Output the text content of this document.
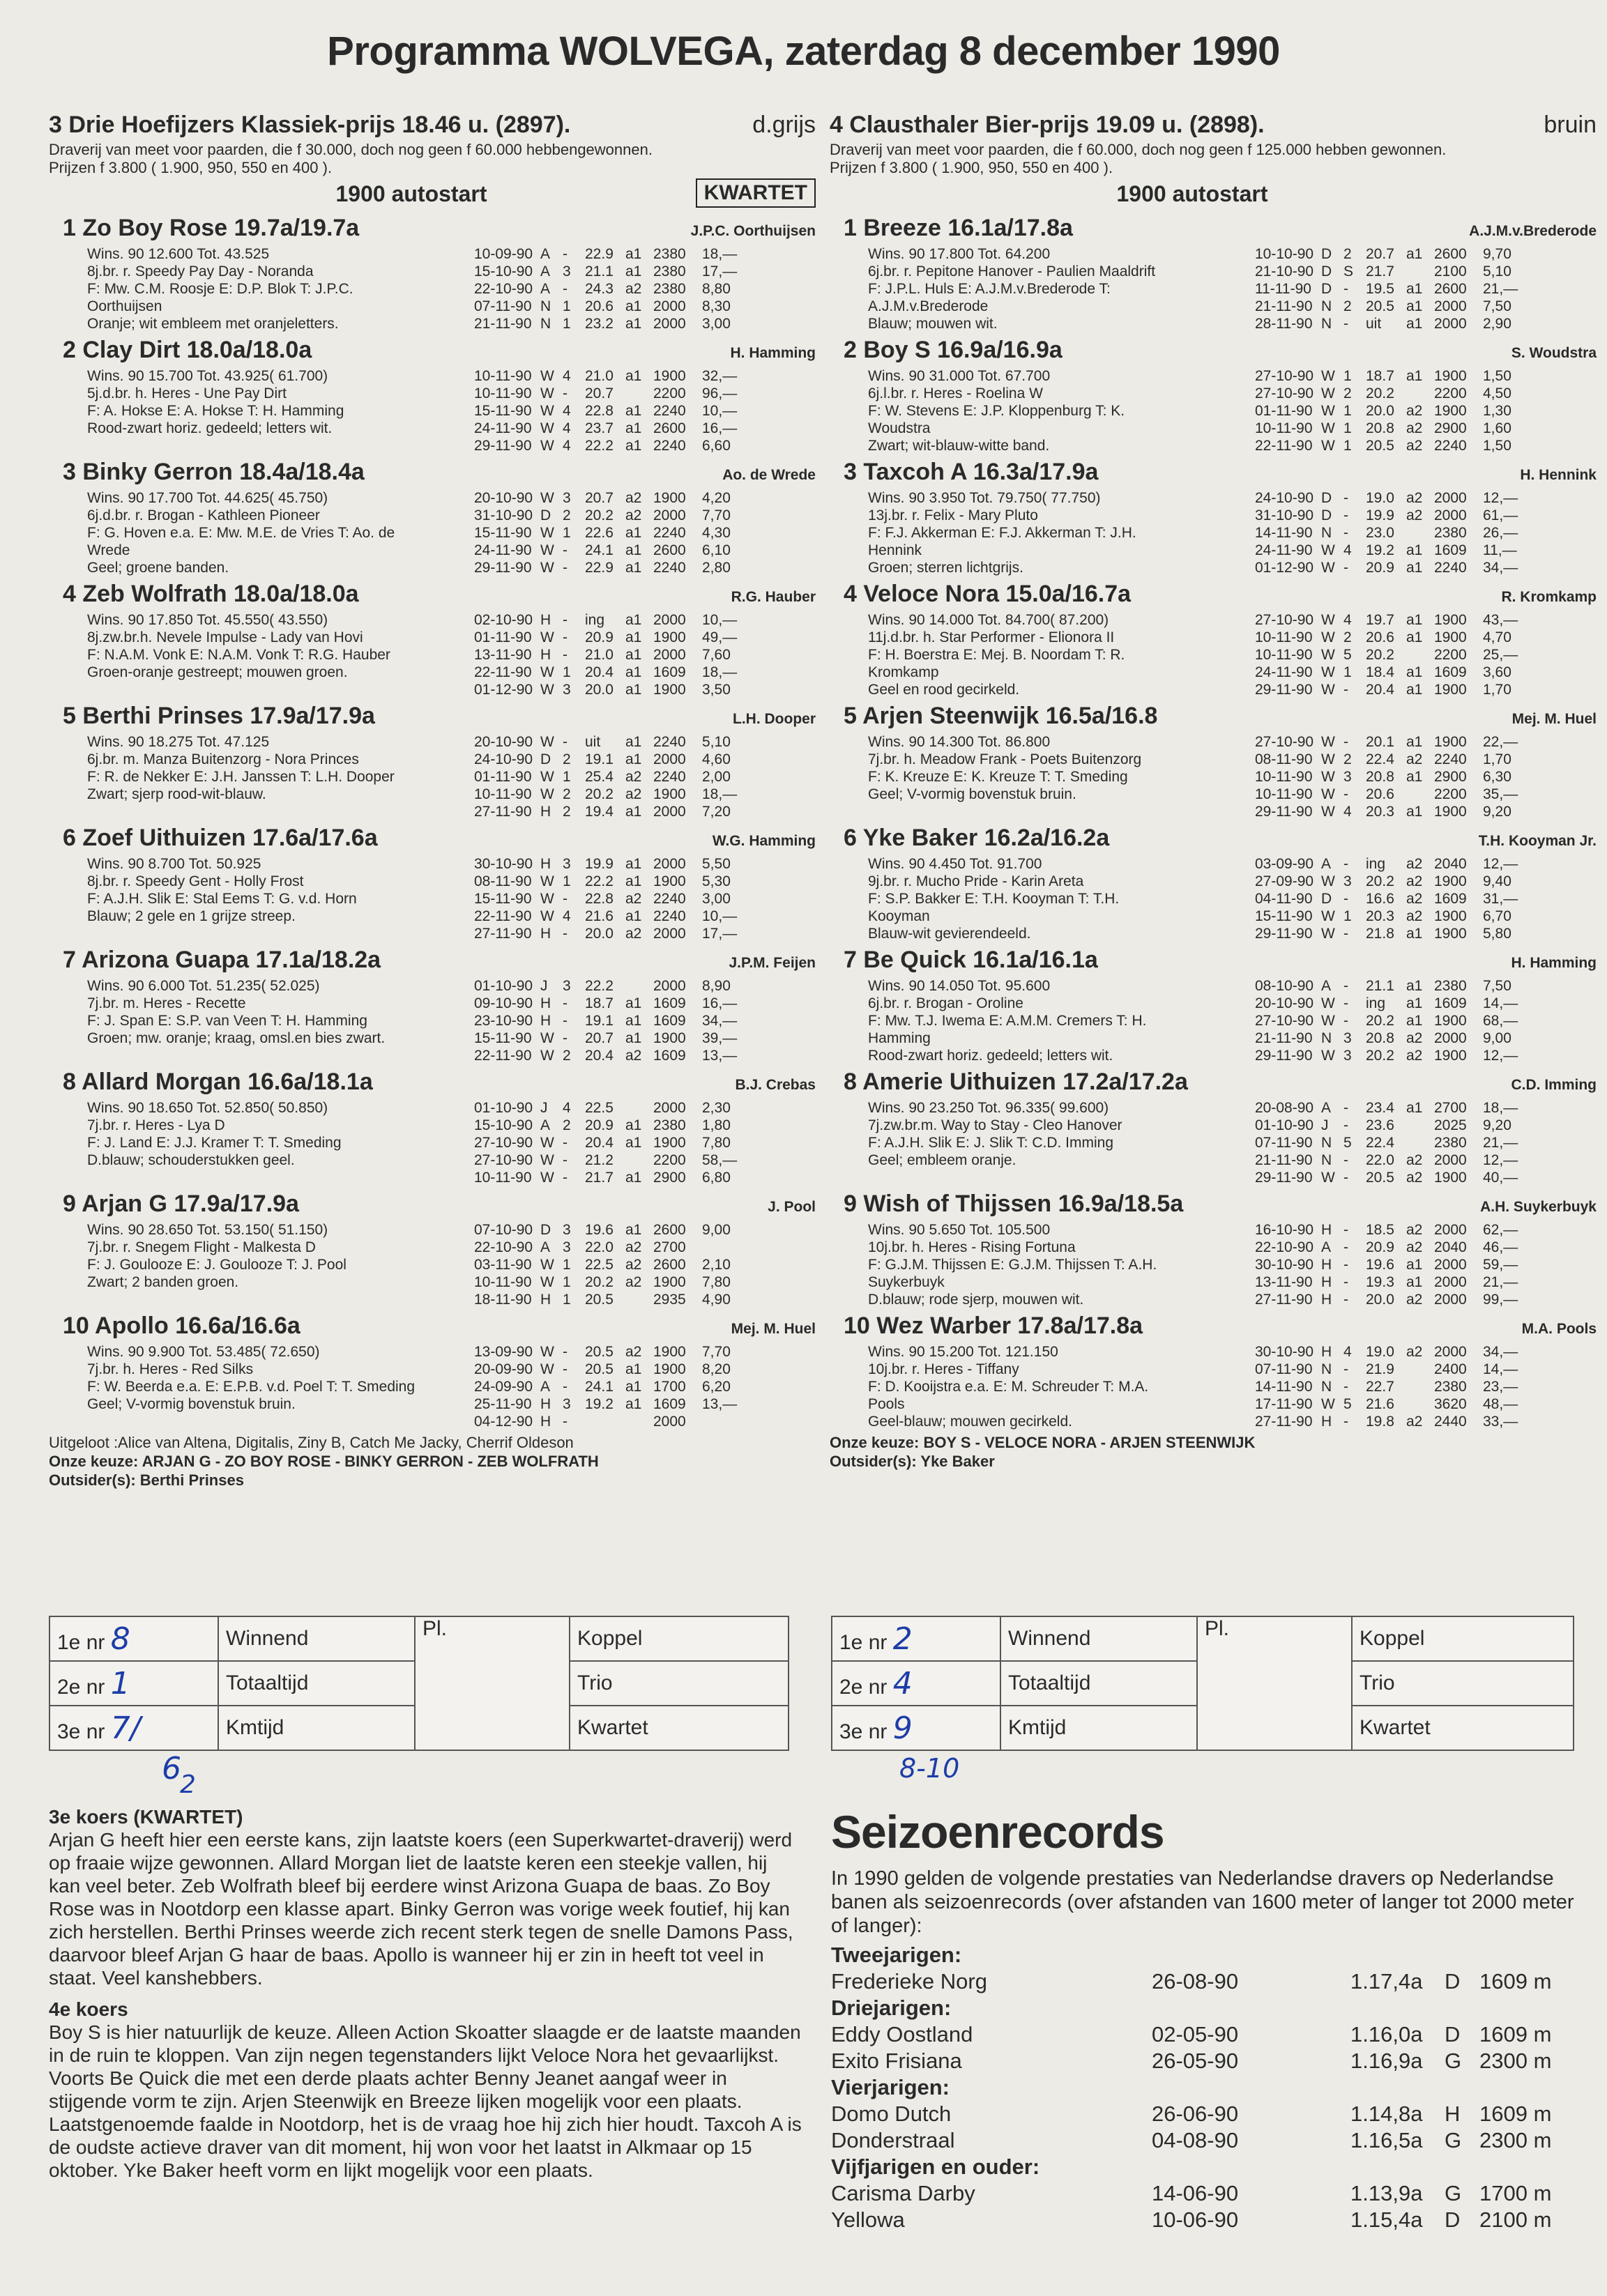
Programma WOLVEGA, zaterdag 8 december 1990
3 Drie Hoefijzers Klassiek-prijs 18.46 u. (2897).	d.grijs
Draverij van meet voor paarden, die f 30.000, doch nog geen f 60.000 hebbengewonnen.
Prijzen f 3.800 ( 1.900, 950, 550 en 400 ).
1900 autostart	KWARTET
1 Zo Boy Rose 19.7a/19.7a	J.P.C. Oorthuijsen
Wins. 90 12.600 Tot. 43.525
8j.br. r. Speedy Pay Day - Noranda
F: Mw. C.M. Roosje E: D.P. Blok T: J.P.C.
Oorthuijsen
Oranje; wit embleem met oranjeletters.
10-09-90 A - 22.9 a1 2380 18,—
15-10-90 A 3 21.1 a1 2380 17,—
22-10-90 A - 24.3 a2 2380 8,80
07-11-90 N 1 20.6 a1 2000 8,30
21-11-90 N 1 23.2 a1 2000 3,00
2 Clay Dirt 18.0a/18.0a	H. Hamming
Wins. 90 15.700 Tot. 43.925( 61.700)
5j.d.br. h. Heres - Une Pay Dirt
F: A. Hokse E: A. Hokse T: H. Hamming
Rood-zwart horiz. gedeeld; letters wit.
10-11-90 W 4 21.0 a1 1900 32,—
10-11-90 W - 20.7	2200 96,—
15-11-90 W 4 22.8 a1 2240 10,—
24-11-90 W 4 23.7 a1 2600 16,—
29-11-90 W 4 22.2 a1 2240 6,60
3 Binky Gerron 18.4a/18.4a	Ao. de Wrede
Wins. 90 17.700 Tot. 44.625( 45.750)
6j.d.br. r. Brogan - Kathleen Pioneer
F: G. Hoven e.a. E: Mw. M.E. de Vries T: Ao. de
Wrede
Geel; groene banden.
20-10-90 W 3 20.7 a2 1900 4,20
31-10-90 D 2 20.2 a2 2000 7,70
15-11-90 W 1 22.6 a1 2240 4,30
24-11-90 W - 24.1 a1 2600 6,10
29-11-90 W - 22.9 a1 2240 2,80
4 Zeb Wolfrath 18.0a/18.0a	R.G. Hauber
Wins. 90 17.850 Tot. 45.550( 43.550)
8j.zw.br.h. Nevele Impulse - Lady van Hovi
F: N.A.M. Vonk E: N.A.M. Vonk T: R.G. Hauber
Groen-oranje gestreept; mouwen groen.
02-10-90 H - ing a1 2000 10,—
01-11-90 W - 20.9 a1 1900 49,—
13-11-90 H - 21.0 a1 2000 7,60
22-11-90 W 1 20.4 a1 1609 18,—
01-12-90 W 3 20.0 a1 1900 3,50
5 Berthi Prinses 17.9a/17.9a	L.H. Dooper
Wins. 90 18.275 Tot. 47.125
6j.br. m. Manza Buitenzorg - Nora Princes
F: R. de Nekker E: J.H. Janssen T: L.H. Dooper
Zwart; sjerp rood-wit-blauw.
20-10-90 W - uit a1 2240 5,10
24-10-90 D 2 19.1 a1 2000 4,60
01-11-90 W 1 25.4 a2 2240 2,00
10-11-90 W 2 20.2 a2 1900 18,—
27-11-90 H 2 19.4 a1 2000 7,20
6 Zoef Uithuizen 17.6a/17.6a	W.G. Hamming
Wins. 90 8.700 Tot. 50.925
8j.br. r. Speedy Gent - Holly Frost
F: A.J.H. Slik E: Stal Eems T: G. v.d. Horn
Blauw; 2 gele en 1 grijze streep.
30-10-90 H 3 19.9 a1 2000 5,50
08-11-90 W 1 22.2 a1 1900 5,30
15-11-90 W - 22.8 a2 2240 3,00
22-11-90 W 4 21.6 a1 2240 10,—
27-11-90 H - 20.0 a2 2000 17,—
7 Arizona Guapa 17.1a/18.2a	J.P.M. Feijen
Wins. 90 6.000 Tot. 51.235( 52.025)
7j.br. m. Heres - Recette
F: J. Span E: S.P. van Veen T: H. Hamming
Groen; mw. oranje; kraag, omsl.en bies zwart.
01-10-90 J 3 22.2	2000 8,90
09-10-90 H - 18.7 a1 1609 16,—
23-10-90 H - 19.1 a1 1609 34,—
15-11-90 W - 20.7 a1 1900 39,—
22-11-90 W 2 20.4 a2 1609 13,—
8 Allard Morgan 16.6a/18.1a	B.J. Crebas
Wins. 90 18.650 Tot. 52.850( 50.850)
7j.br. r. Heres - Lya D
F: J. Land E: J.J. Kramer T: T. Smeding
D.blauw; schouderstukken geel.
01-10-90 J 4 22.5	2000 2,30
15-10-90 A 2 20.9 a1 2380 1,80
27-10-90 W - 20.4 a1 1900 7,80
27-10-90 W - 21.2	2200 58,—
10-11-90 W - 21.7 a1 2900 6,80
9 Arjan G 17.9a/17.9a	J. Pool
Wins. 90 28.650 Tot. 53.150( 51.150)
7j.br. r. Snegem Flight - Malkesta D
F: J. Goulooze E: J. Goulooze T: J. Pool
Zwart; 2 banden groen.
07-10-90 D 3 19.6 a1 2600 9,00
22-10-90 A 3 22.0 a2 2700
03-11-90 W 1 22.5 a2 2600 2,10
10-11-90 W 1 20.2 a2 1900 7,80
18-11-90 H 1 20.5	2935 4,90
10 Apollo 16.6a/16.6a	Mej. M. Huel
Wins. 90 9.900 Tot. 53.485( 72.650)
7j.br. h. Heres - Red Silks
F: W. Beerda e.a. E: E.P.B. v.d. Poel T: T. Smeding
Geel; V-vormig bovenstuk bruin.
13-09-90 W - 20.5 a2 1900 7,70
20-09-90 W - 20.5 a1 1900 8,20
24-09-90 A - 24.1 a1 1700 6,20
25-11-90 H 3 19.2 a1 1609 13,—
04-12-90 H -	2000
Uitgeloot :Alice van Altena, Digitalis, Ziny B, Catch Me Jacky, Cherrif Oldeson
Onze keuze: ARJAN G - ZO BOY ROSE - BINKY GERRON - ZEB WOLFRATH
Outsider(s): Berthi Prinses
4 Clausthaler Bier-prijs 19.09 u. (2898).	bruin
Draverij van meet voor paarden, die f 60.000, doch nog geen f 125.000 hebben gewonnen.
Prijzen f 3.800 ( 1.900, 950, 550 en 400 ).
1900 autostart
1 Breeze 16.1a/17.8a	A.J.M.v.Brederode
Wins. 90 17.800 Tot. 64.200
6j.br. r. Pepitone Hanover - Paulien Maaldrift
F: J.P.L. Huls E: A.J.M.v.Brederode T:
A.J.M.v.Brederode
Blauw; mouwen wit.
10-10-90 D 2 20.7 a1 2600 9,70
21-10-90 D S 21.7	2100 5,10
11-11-90 D - 19.5 a1 2600 21,—
21-11-90 N 2 20.5 a1 2000 7,50
28-11-90 N - uit a1 2000 2,90
2 Boy S 16.9a/16.9a	S. Woudstra
Wins. 90 31.000 Tot. 67.700
6j.l.br. r. Heres - Roelina W
F: W. Stevens E: J.P. Kloppenburg T: K.
Woudstra
Zwart; wit-blauw-witte band.
27-10-90 W 1 18.7 a1 1900 1,50
27-10-90 W 2 20.2	2200 4,50
01-11-90 W 1 20.0 a2 1900 1,30
10-11-90 W 1 20.8 a2 2900 1,60
22-11-90 W 1 20.5 a2 2240 1,50
3 Taxcoh A 16.3a/17.9a	H. Hennink
Wins. 90 3.950 Tot. 79.750( 77.750)
13j.br. r. Felix - Mary Pluto
F: F.J. Akkerman E: F.J. Akkerman T: J.H.
Hennink
Groen; sterren lichtgrijs.
24-10-90 D - 19.0 a2 2000 12,—
31-10-90 D - 19.9 a2 2000 61,—
14-11-90 N - 23.0	2380 26,—
24-11-90 W 4 19.2 a1 1609 11,—
01-12-90 W - 20.9 a1 2240 34,—
4 Veloce Nora 15.0a/16.7a	R. Kromkamp
Wins. 90 14.000 Tot. 84.700( 87.200)
11j.d.br. h. Star Performer - Elionora II
F: H. Boerstra E: Mej. B. Noordam T: R.
Kromkamp
Geel en rood gecirkeld.
27-10-90 W 4 19.7 a1 1900 43,—
10-11-90 W 2 20.6 a1 1900 4,70
10-11-90 W 5 20.2	2200 25,—
24-11-90 W 1 18.4 a1 1609 3,60
29-11-90 W - 20.4 a1 1900 1,70
5 Arjen Steenwijk 16.5a/16.8	Mej. M. Huel
Wins. 90 14.300 Tot. 86.800
7j.br. h. Meadow Frank - Poets Buitenzorg
F: K. Kreuze E: K. Kreuze T: T. Smeding
Geel; V-vormig bovenstuk bruin.
27-10-90 W - 20.1 a1 1900 22,—
08-11-90 W 2 22.4 a2 2240 1,70
10-11-90 W 3 20.8 a1 2900 6,30
10-11-90 W - 20.6	2200 35,—
29-11-90 W 4 20.3 a1 1900 9,20
6 Yke Baker 16.2a/16.2a	T.H. Kooyman Jr.
Wins. 90 4.450 Tot. 91.700
9j.br. r. Mucho Pride - Karin Areta
F: S.P. Bakker E: T.H. Kooyman T: T.H.
Kooyman
Blauw-wit gevierendeeld.
03-09-90 A - ing a2 2040 12,—
27-09-90 W 3 20.2 a2 1900 9,40
04-11-90 D - 16.6 a2 1609 31,—
15-11-90 W 1 20.3 a2 1900 6,70
29-11-90 W - 21.8 a1 1900 5,80
7 Be Quick 16.1a/16.1a	H. Hamming
Wins. 90 14.050 Tot. 95.600
6j.br. r. Brogan - Oroline
F: Mw. T.J. Iwema E: A.M.M. Cremers T: H.
Hamming
Rood-zwart horiz. gedeeld; letters wit.
08-10-90 A - 21.1 a1 2380 7,50
20-10-90 W - ing a1 1609 14,—
27-10-90 W - 20.2 a1 1900 68,—
21-11-90 N 3 20.8 a2 2000 9,00
29-11-90 W 3 20.2 a2 1900 12,—
8 Amerie Uithuizen 17.2a/17.2a	C.D. Imming
Wins. 90 23.250 Tot. 96.335( 99.600)
7j.zw.br.m. Way to Stay - Cleo Hanover
F: A.J.H. Slik E: J. Slik T: C.D. Imming
Geel; embleem oranje.
20-08-90 A - 23.4 a1 2700 18,—
01-10-90 J - 23.6	2025 9,20
07-11-90 N 5 22.4	2380 21,—
21-11-90 N - 22.0 a2 2000 12,—
29-11-90 W - 20.5 a2 1900 40,—
9 Wish of Thijssen 16.9a/18.5a	A.H. Suykerbuyk
Wins. 90 5.650 Tot. 105.500
10j.br. h. Heres - Rising Fortuna
F: G.J.M. Thijssen E: G.J.M. Thijssen T: A.H.
Suykerbuyk
D.blauw; rode sjerp, mouwen wit.
16-10-90 H - 18.5 a2 2000 62,—
22-10-90 A - 20.9 a2 2040 46,—
30-10-90 H - 19.6 a1 2000 59,—
13-11-90 H - 19.3 a1 2000 21,—
27-11-90 H - 20.0 a2 2000 99,—
10 Wez Warber 17.8a/17.8a	M.A. Pools
Wins. 90 15.200 Tot. 121.150
10j.br. r. Heres - Tiffany
F: D. Kooijstra e.a. E: M. Schreuder T: M.A.
Pools
Geel-blauw; mouwen gecirkeld.
30-10-90 H 4 19.0 a2 2000 34,—
07-11-90 N - 21.9	2400 14,—
14-11-90 N - 22.7	2380 23,—
17-11-90 W 5 21.6	3620 48,—
27-11-90 H - 19.8 a2 2440 33,—
Onze keuze: BOY S - VELOCE NORA - ARJEN STEENWIJK
Outsider(s): Yke Baker
1e nr 8	Winnend	Pl.	Koppel
2e nr 1	Totaaltijd		Trio
3e nr 7/	Kmtijd		Kwartet
6
2
1e nr 2	Winnend	Pl.	Koppel
2e nr 4	Totaaltijd		Trio
3e nr 9	Kmtijd		Kwartet
8-10
3e koers (KWARTET)

Arjan G heeft hier een eerste kans, zijn laatste koers (een Superkwartet-draverij) werd op fraaie wijze gewonnen. Allard Morgan liet de laatste keren een steekje vallen, hij kan veel beter. Zeb Wolfrath bleef bij eerdere winst Arizona Guapa de baas. Zo Boy Rose was in Nootdorp een klasse apart. Binky Gerron was vorige week foutief, hij kan zich herstellen. Berthi Prinses weerde zich recent sterk tegen de snelle Damons Pass, daarvoor bleef Arjan G haar de baas. Apollo is wanneer hij er zin in heeft tot veel in staat. Veel kanshebbers.

4e koers

Boy S is hier natuurlijk de keuze. Alleen Action Skoatter slaagde er de laatste maanden in de ruin te kloppen. Van zijn negen tegenstanders lijkt Veloce Nora het gevaarlijkst. Voorts Be Quick die met een derde plaats achter Benny Jeanet aangaf weer in stijgende vorm te zijn. Arjen Steenwijk en Breeze lijken mogelijk voor een plaats. Laatstgenoemde faalde in Nootdorp, het is de vraag hoe hij zich hier houdt. Taxcoh A is de oudste actieve draver van dit moment, hij won voor het laatst in Alkmaar op 15 oktober. Yke Baker heeft vorm en lijkt mogelijk voor een plaats.

Seizoenrecords
In 1990 gelden de volgende prestaties van Nederlandse dravers op Nederlandse banen als seizoenrecords (over afstanden van 1600 meter of langer tot 2000 meter of langer):
Tweejarigen:
Frederieke Norg	26-08-90	1.17,4a D 1609 m
Driejarigen:
Eddy Oostland	02-05-90	1.16,0a D 1609 m
Exito Frisiana	26-05-90	1.16,9a G 2300 m
Vierjarigen:
Domo Dutch	26-06-90	1.14,8a H 1609 m
Donderstraal	04-08-90	1.16,5a G 2300 m
Vijfjarigen en ouder:
Carisma Darby	14-06-90	1.13,9a G 1700 m
Yellowa	10-06-90	1.15,4a D 2100 m
